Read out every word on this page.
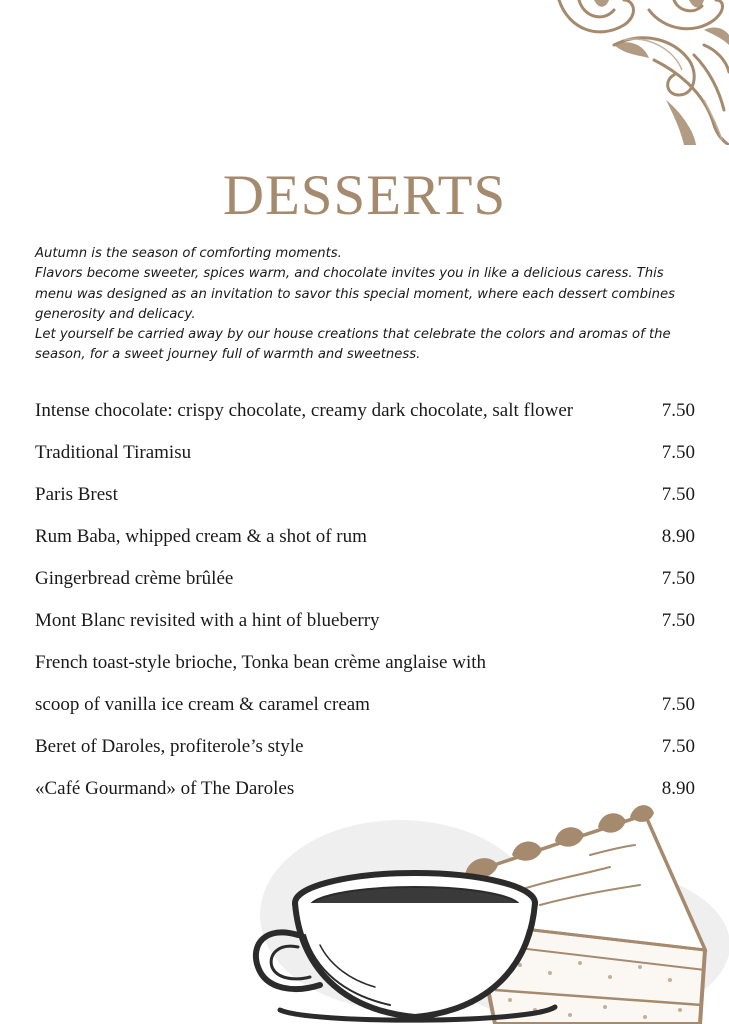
DESSERTS

Autumn is the season of comforting moments.

Flavors become sweeter, spices warm, and chocolate invites you in like a delicious caress. This menu was designed as an invitation to savor this special moment, where each dessert combines generosity and delicacy.

Let yourself be carried away by our house creations that celebrate the colors and aromas of the season, for a sweet journey full of warmth and sweetness.

Intense chocolate: crispy chocolate, creamy dark chocolate, salt flower	7.50
Traditional Tiramisu	7.50
Paris Brest	7.50
Rum Baba, whipped cream & a shot of rum	8.90
Gingerbread crème brûlée	7.50
Mont Blanc revisited with a hint of blueberry	7.50
French toast-style brioche, Tonka bean crème anglaise with
scoop of vanilla ice cream & caramel cream	7.50
Beret of Daroles, profiterole’s style	7.50
«Café Gourmand» of The Daroles	8.90
